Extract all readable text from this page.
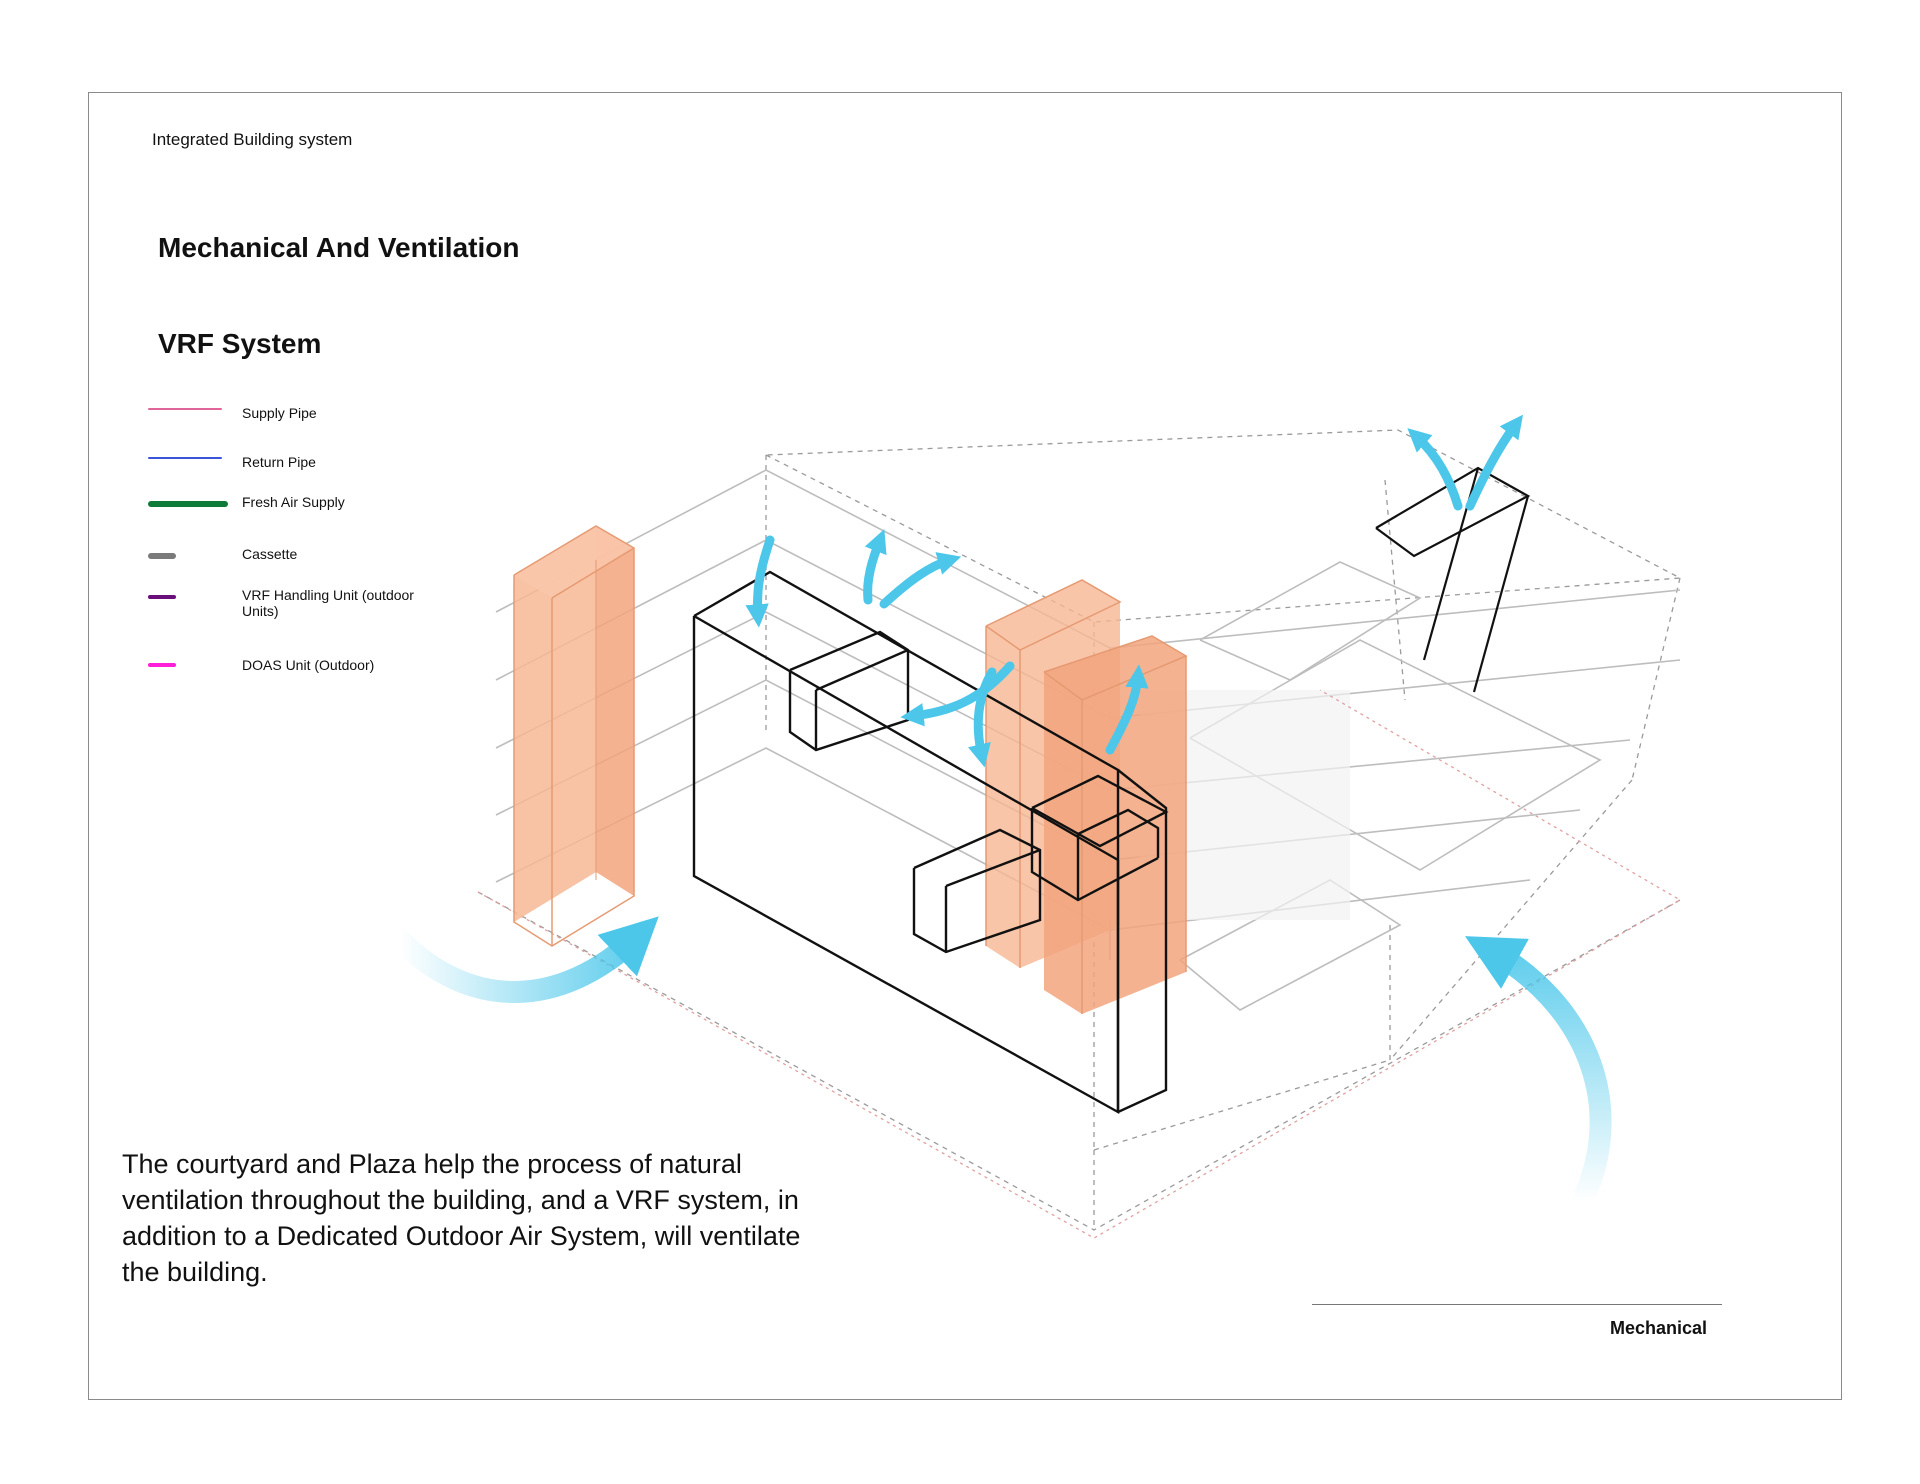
Integrated Building system
Mechanical And Ventilation
VRF System
Supply Pipe
Return Pipe
Fresh Air Supply
Cassette
VRF Handling Unit (outdoor Units)
DOAS Unit (Outdoor)
The courtyard and Plaza help the process of natural ventilation throughout the building, and a VRF system, in addition to a Dedicated Outdoor Air System, will ventilate the building.
Mechanical
